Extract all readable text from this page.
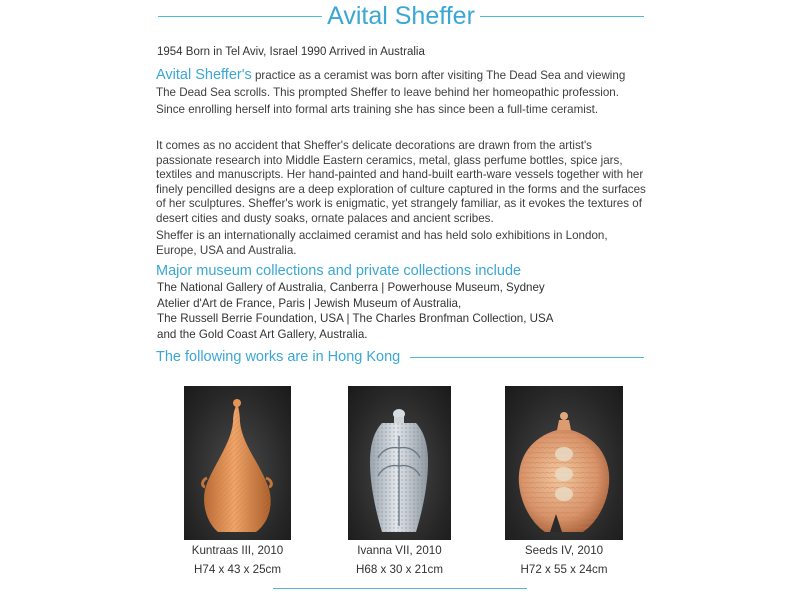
Avital Sheffer
1954 Born in Tel Aviv, Israel 1990 Arrived in Australia

Avital Sheffer's practice as a ceramist was born after visiting The Dead Sea and viewing The Dead Sea scrolls. This prompted Sheffer to leave behind her homeopathic profession. Since enrolling herself into formal arts training she has since been a full-time ceramist.

It comes as no accident that Sheffer's delicate decorations are drawn from the artist's passionate research into Middle Eastern ceramics, metal, glass perfume bottles, spice jars, textiles and manuscripts. Her hand-painted and hand-built earth-ware vessels together with her finely pencilled designs are a deep exploration of culture captured in the forms and the surfaces of her sculptures. Sheffer's work is enigmatic, yet strangely familiar, as it evokes the textures of desert cities and dusty soaks, ornate palaces and ancient scribes.

Sheffer is an internationally acclaimed ceramist and has held solo exhibitions in London, Europe, USA and Australia.

Major museum collections and private collections include
The National Gallery of Australia, Canberra | Powerhouse Museum, Sydney
Atelier d'Art de France, Paris | Jewish Museum of Australia,
The Russell Berrie Foundation, USA | The Charles Bronfman Collection, USA
and the Gold Coast Art Gallery, Australia.
The following works are in Hong Kong
Kuntraas III, 2010
H74 x 43 x 25cm
Ivanna VII, 2010
H68 x 30 x 21cm
Seeds IV, 2010
H72 x 55 x 24cm
